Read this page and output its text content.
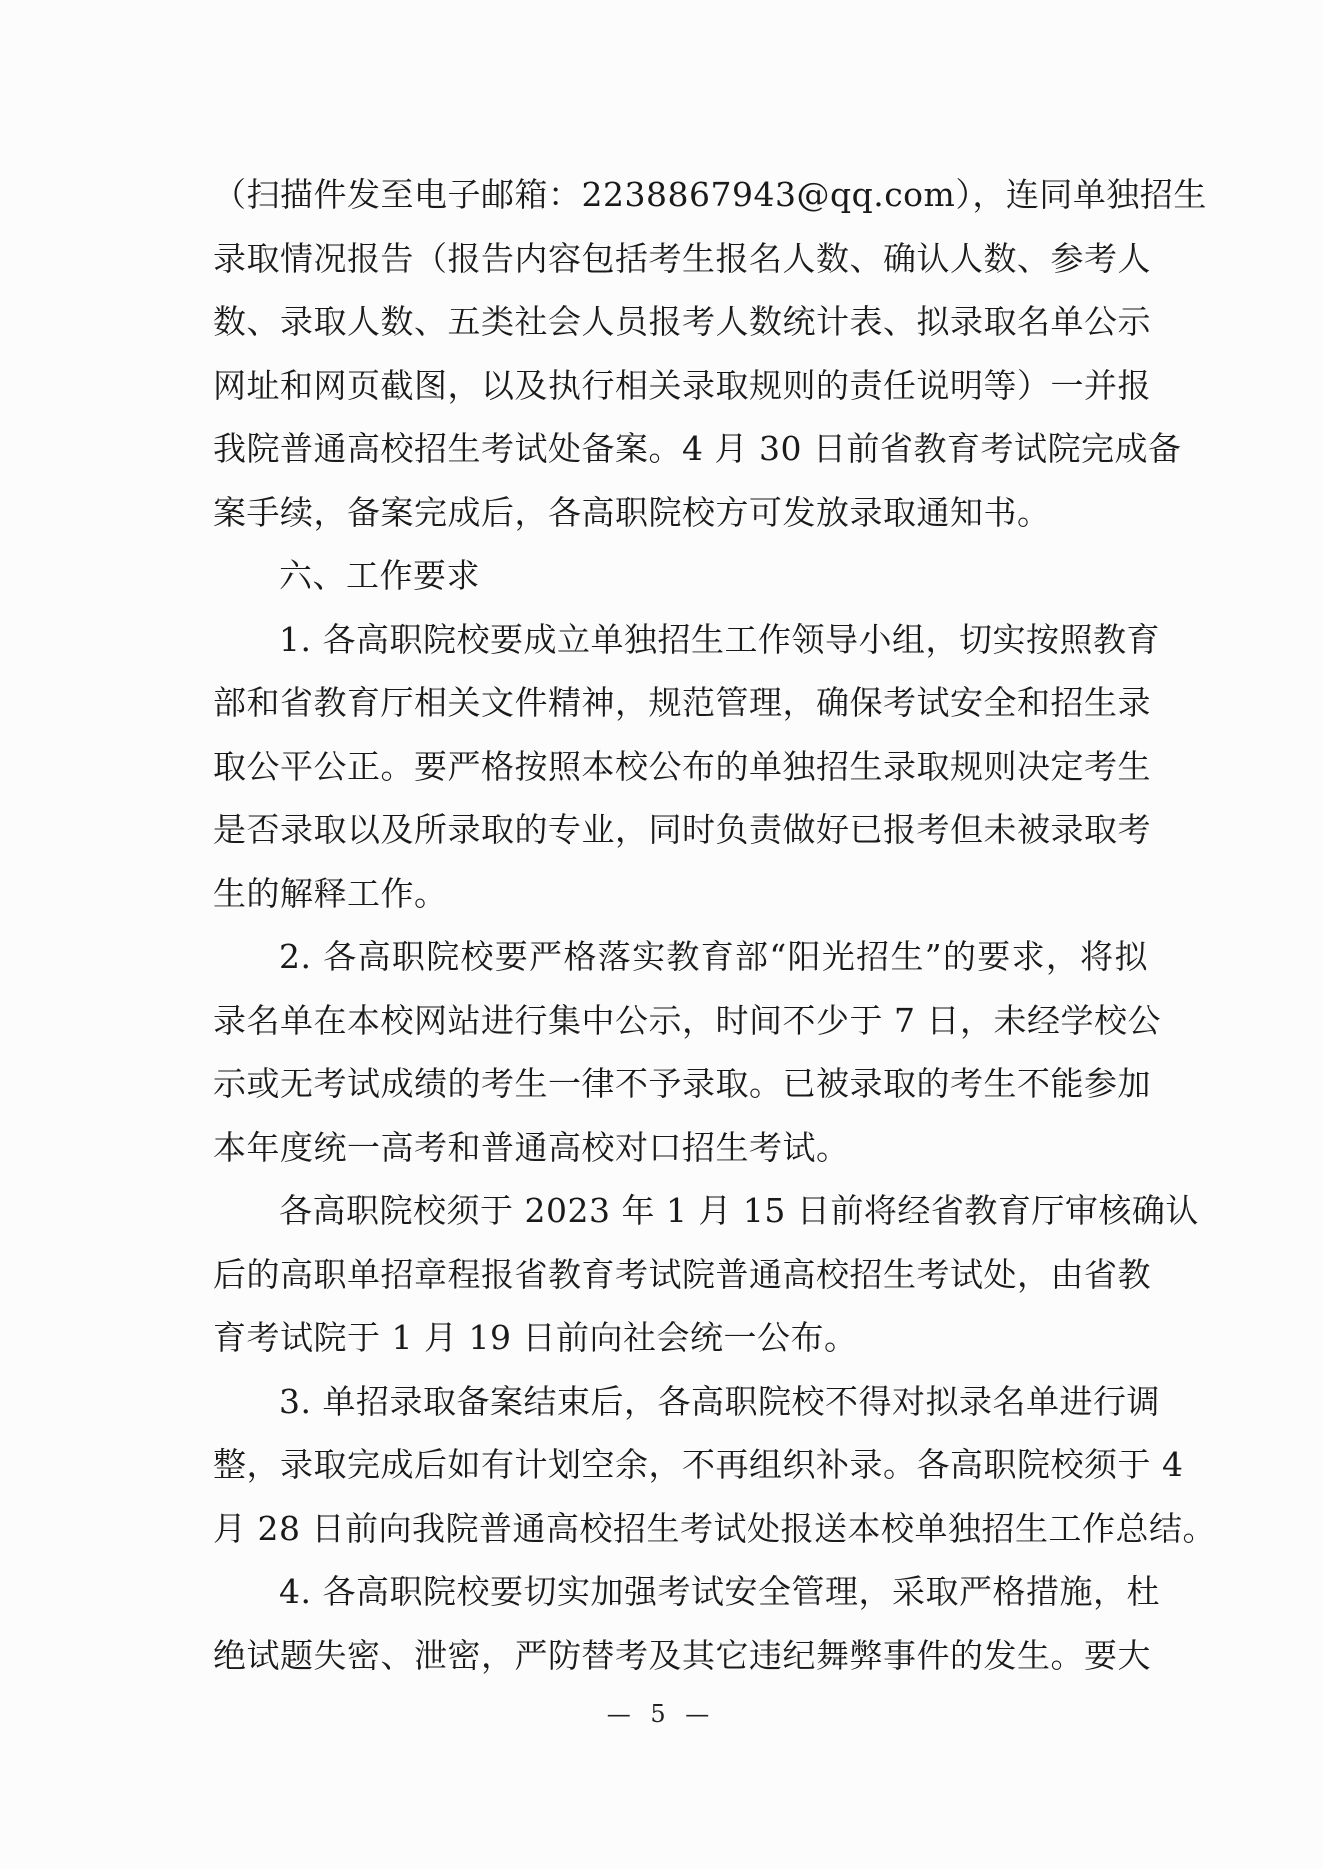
（扫描件发至电子邮箱：2238867943@qq.com），连同单独招生
录取情况报告（报告内容包括考生报名人数、确认人数、参考人
数、录取人数、五类社会人员报考人数统计表、拟录取名单公示
网址和网页截图，以及执行相关录取规则的责任说明等）一并报
我院普通高校招生考试处备案。4 月 30 日前省教育考试院完成备
案手续，备案完成后，各高职院校方可发放录取通知书。
六、工作要求
1. 各高职院校要成立单独招生工作领导小组，切实按照教育
部和省教育厅相关文件精神，规范管理，确保考试安全和招生录
取公平公正。要严格按照本校公布的单独招生录取规则决定考生
是否录取以及所录取的专业，同时负责做好已报考但未被录取考
生的解释工作。
2. 各高职院校要严格落实教育部“阳光招生”的要求，将拟
录名单在本校网站进行集中公示，时间不少于 7 日，未经学校公
示或无考试成绩的考生一律不予录取。已被录取的考生不能参加
本年度统一高考和普通高校对口招生考试。
各高职院校须于 2023 年 1 月 15 日前将经省教育厅审核确认
后的高职单招章程报省教育考试院普通高校招生考试处，由省教
育考试院于 1 月 19 日前向社会统一公布。
3. 单招录取备案结束后，各高职院校不得对拟录名单进行调
整，录取完成后如有计划空余，不再组织补录。各高职院校须于 4
月 28 日前向我院普通高校招生考试处报送本校单独招生工作总结。
4. 各高职院校要切实加强考试安全管理，采取严格措施，杜
绝试题失密、泄密，严防替考及其它违纪舞弊事件的发生。要大
— 5 —
